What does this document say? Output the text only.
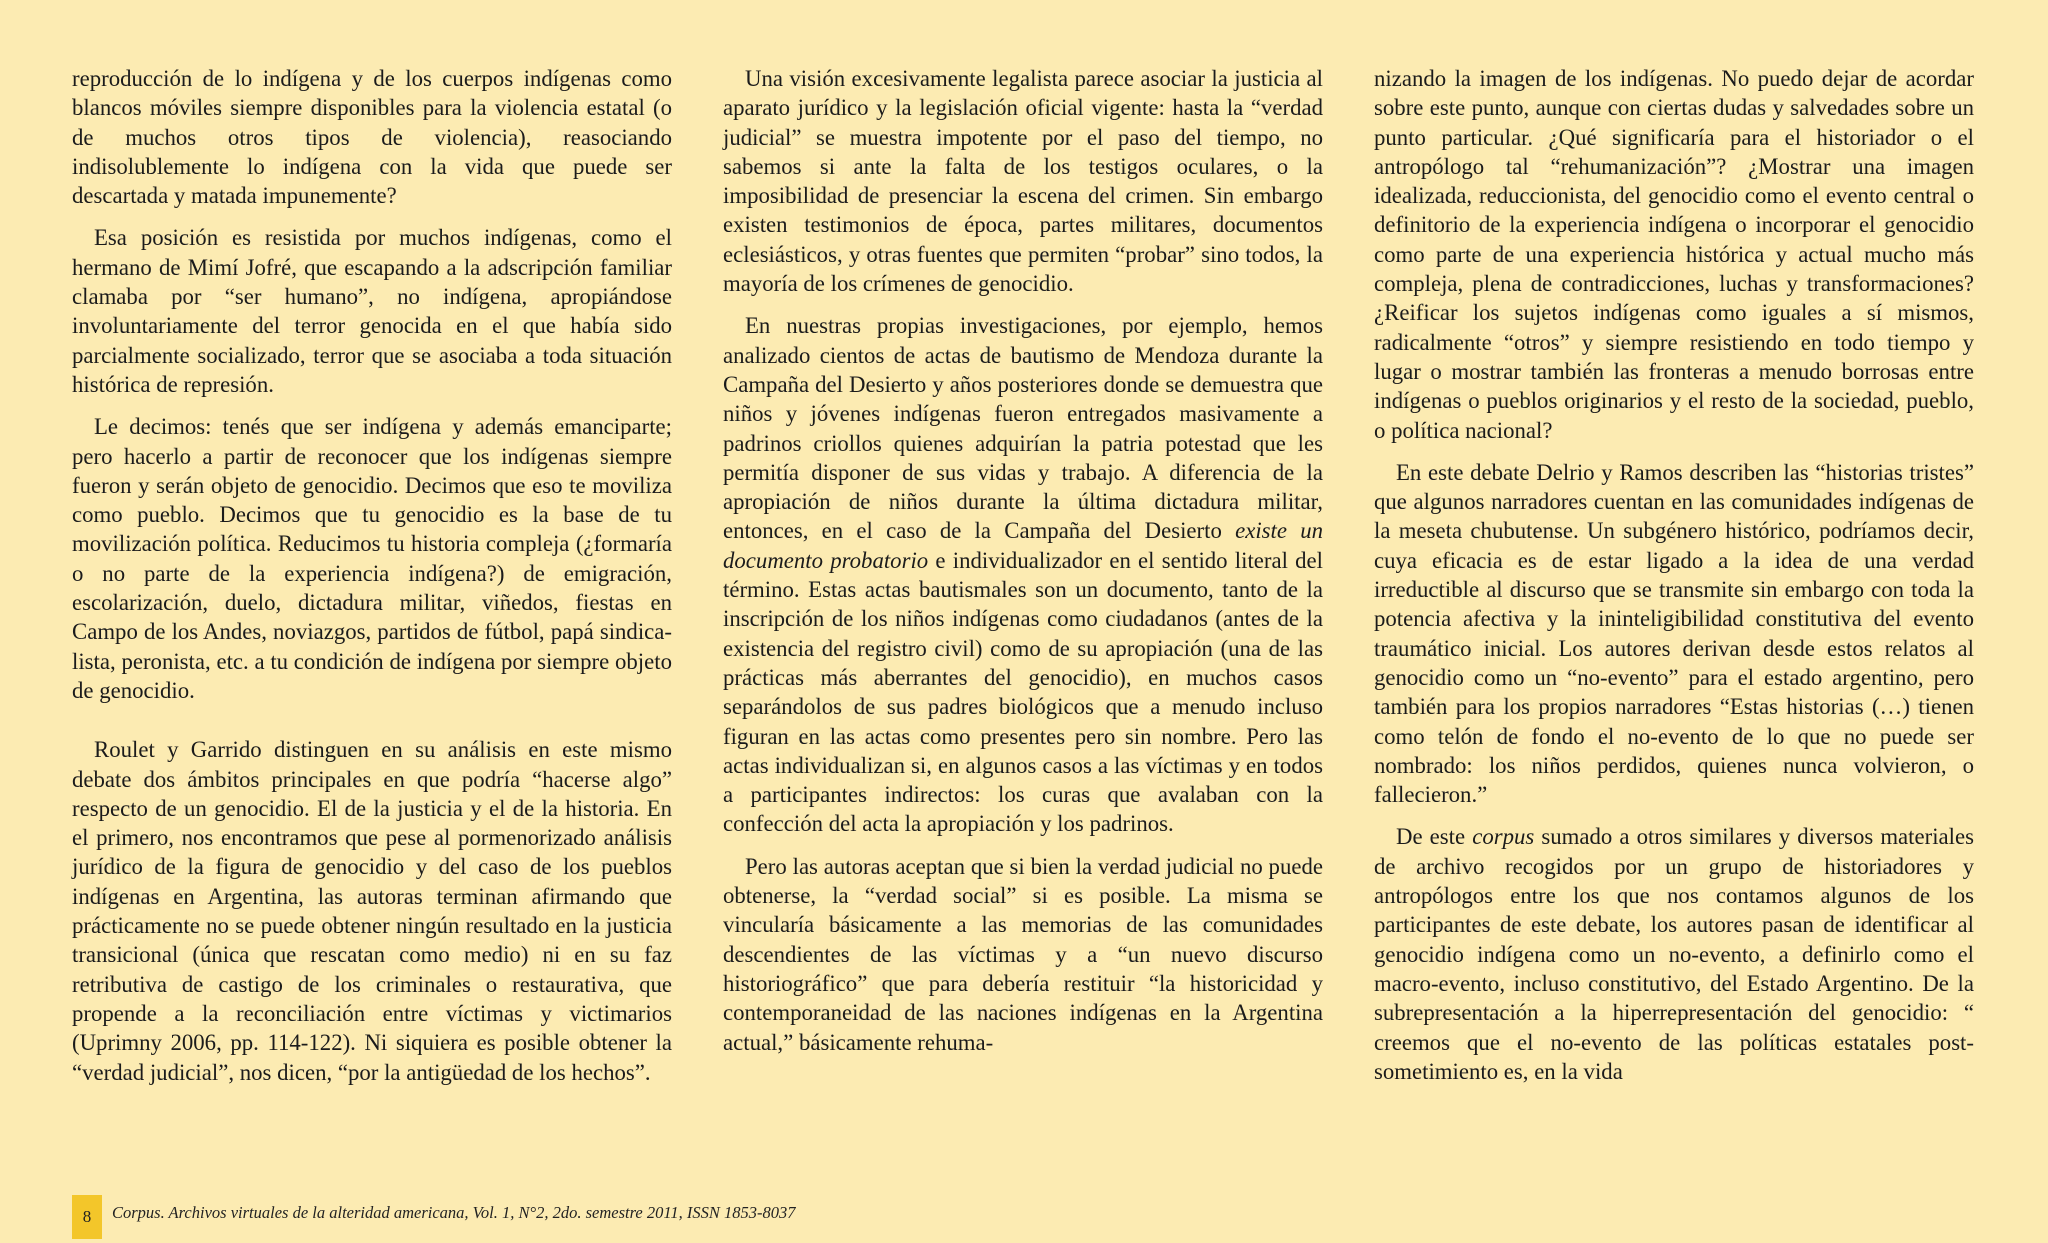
reproducción de lo indígena y de los cuerpos indígenas como blancos móviles siempre disponibles para la violencia estatal (o de muchos otros tipos de violencia), reasociando indisolublemente lo indígena con la vida que puede ser descartada y matada impunemente?

Esa posición es resistida por muchos indígenas, como el hermano de Mimí Jofré, que escapando a la adscripción familiar clamaba por “ser humano”, no indígena, apropiándose involuntariamente del terror genocida en el que había sido parcialmente socializado, terror que se asociaba a toda situación histórica de represión.

Le decimos: tenés que ser indígena y además emanciparte; pero hacerlo a partir de reconocer que los indígenas siempre fueron y serán objeto de genocidio. Decimos que eso te moviliza como pueblo. Decimos que tu genocidio es la base de tu movilización política. Reducimos tu historia compleja (¿formaría o no parte de la experiencia indígena?) de emigración, escolarización, duelo, dictadura militar, viñedos, fiestas en Campo de los Andes, noviazgos, partidos de fútbol, papá sindicalista, peronista, etc. a tu condición de indígena por siempre objeto de genocidio.

Roulet y Garrido distinguen en su análisis en este mismo debate dos ámbitos principales en que podría “hacerse algo” respecto de un genocidio. El de la justicia y el de la historia. En el primero, nos encontramos que pese al pormenorizado análisis jurídico de la figura de genocidio y del caso de los pueblos indígenas en Argentina, las autoras terminan afirmando que prácticamente no se puede obtener ningún resultado en la justicia transicional (única que rescatan como medio) ni en su faz retributiva de castigo de los criminales o restaurativa, que propende a la reconciliación entre víctimas y victimarios (Uprimny 2006, pp. 114-122). Ni siquiera es posible obtener la “verdad judicial”, nos dicen, “por la antigüedad de los hechos”.

Una visión excesivamente legalista parece asociar la justicia al aparato jurídico y la legislación oficial vigente: hasta la “verdad judicial” se muestra impotente por el paso del tiempo, no sabemos si ante la falta de los testigos oculares, o la imposibilidad de presenciar la escena del crimen. Sin embargo existen testimonios de época, partes militares, documentos eclesiásticos, y otras fuentes que permiten “probar” sino todos, la mayoría de los crímenes de genocidio.

En nuestras propias investigaciones, por ejemplo, hemos analizado cientos de actas de bautismo de Mendoza durante la Campaña del Desierto y años posteriores donde se demuestra que niños y jóvenes indígenas fueron entregados masivamente a padrinos criollos quienes adquirían la patria potestad que les permitía disponer de sus vidas y trabajo. A diferencia de la apropiación de niños durante la última dictadura militar, entonces, en el caso de la Campaña del Desierto existe un documento probatorio e individualizador en el sentido literal del término. Estas actas bautismales son un documento, tanto de la inscripción de los niños indígenas como ciudadanos (antes de la existencia del registro civil) como de su apropiación (una de las prácticas más aberrantes del genocidio), en muchos casos separándolos de sus padres biológicos que a menudo incluso figuran en las actas como presentes pero sin nombre. Pero las actas individualizan si, en algunos casos a las víctimas y en todos a participantes indirectos: los curas que avalaban con la confección del acta la apropiación y los padrinos.

Pero las autoras aceptan que si bien la verdad judicial no puede obtenerse, la “verdad social” si es posible. La misma se vincularía básicamente a las memorias de las comunidades descendientes de las víctimas y a “un nuevo discurso historiográfico” que para debería restituir “la historicidad y contemporaneidad de las naciones indígenas en la Argentina actual,” básicamente rehuma-

nizando la imagen de los indígenas. No puedo dejar de acordar sobre este punto, aunque con ciertas dudas y salvedades sobre un punto particular. ¿Qué significaría para el historiador o el antropólogo tal “rehumanización”? ¿Mostrar una imagen idealizada, reduccionista, del genocidio como el evento central o definitorio de la experiencia indígena o incorporar el genocidio como parte de una experiencia histórica y actual mucho más compleja, plena de contradicciones, luchas y transformaciones? ¿Reificar los sujetos indígenas como iguales a sí mismos, radicalmente “otros” y siempre resistiendo en todo tiempo y lugar o mostrar también las fronteras a menudo borrosas entre indígenas o pueblos originarios y el resto de la sociedad, pueblo, o política nacional?

En este debate Delrio y Ramos describen las “historias tristes” que algunos narradores cuentan en las comunidades indígenas de la meseta chubutense. Un subgénero histórico, podríamos decir, cuya eficacia es de estar ligado a la idea de una verdad irreductible al discurso que se transmite sin embargo con toda la potencia afectiva y la ininteligibilidad constitutiva del evento traumático inicial. Los autores derivan desde estos relatos al genocidio como un “no-evento” para el estado argentino, pero también para los propios narradores “Estas historias (…) tienen como telón de fondo el no-evento de lo que no puede ser nombrado: los niños perdidos, quienes nunca volvieron, o fallecieron.”

De este corpus sumado a otros similares y diversos materiales de archivo recogidos por un grupo de historiadores y antropólogos entre los que nos contamos algunos de los participantes de este debate, los autores pasan de identificar al genocidio indígena como un no-evento, a definirlo como el macro-evento, incluso constitutivo, del Estado Argentino. De la subrepresentación a la hiperrepresentación del genocidio: “ creemos que el no-evento de las políticas estatales post-sometimiento es, en la vida

8	Corpus. Archivos virtuales de la alteridad americana, Vol. 1, N°2, 2do. semestre 2011, ISSN 1853-8037
